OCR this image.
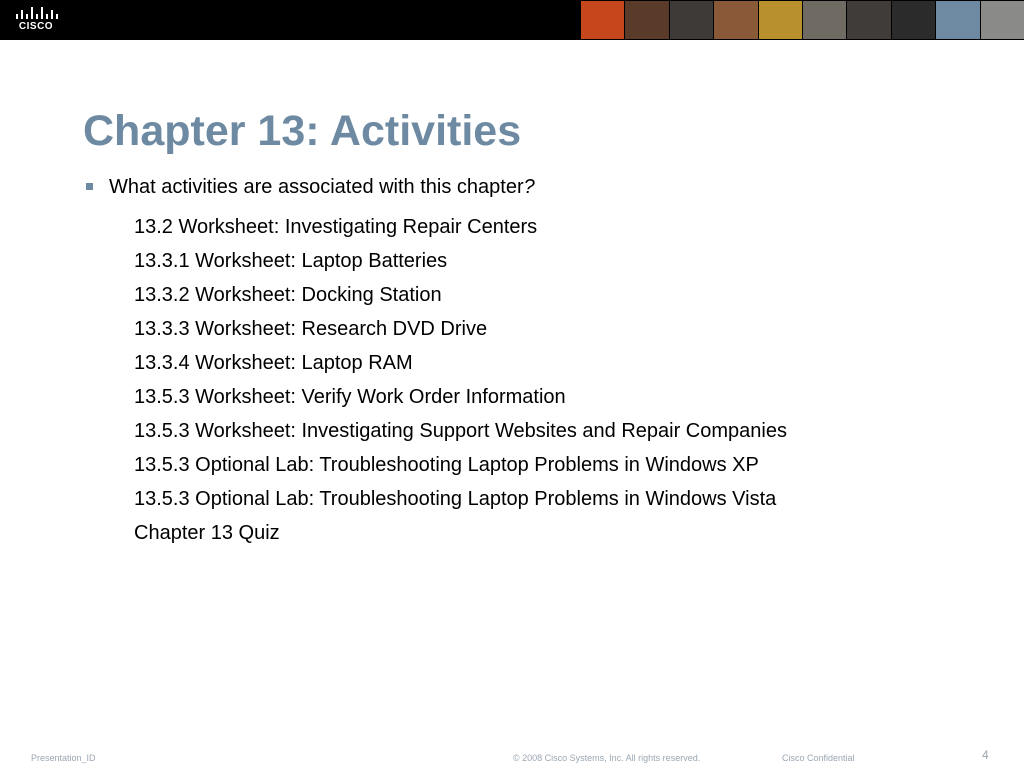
CISCO
Chapter 13: Activities
What activities are associated with this chapter?
13.2 Worksheet: Investigating Repair Centers
13.3.1 Worksheet: Laptop Batteries
13.3.2 Worksheet: Docking Station
13.3.3 Worksheet: Research DVD Drive
13.3.4 Worksheet: Laptop RAM
13.5.3 Worksheet: Verify Work Order Information
13.5.3 Worksheet: Investigating Support Websites and Repair Companies
13.5.3 Optional Lab: Troubleshooting Laptop Problems in Windows XP
13.5.3 Optional Lab: Troubleshooting Laptop Problems in Windows Vista
Chapter 13 Quiz
Presentation_ID	© 2008 Cisco Systems, Inc. All rights reserved.	Cisco Confidential	4
